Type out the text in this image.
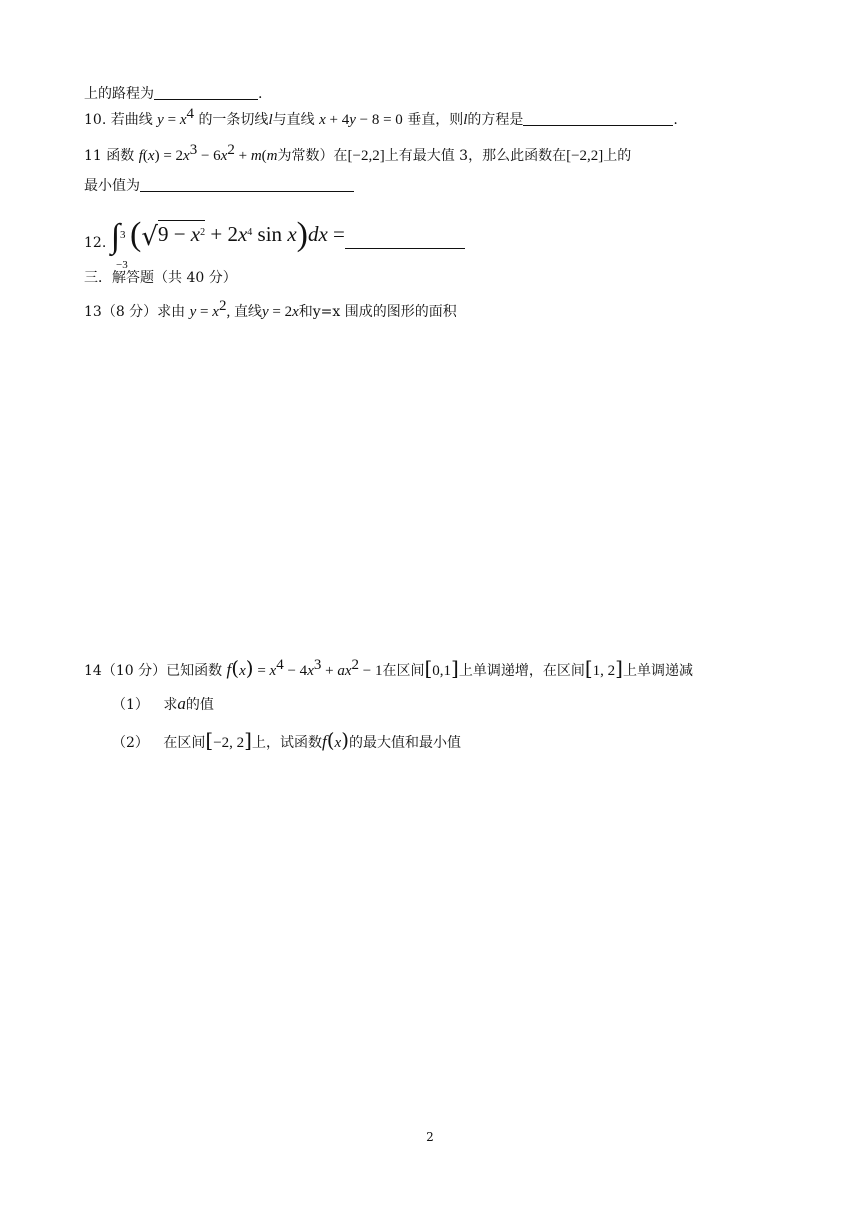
上的路程为	.
10. 若曲线 $y = x^4$ 的一条切线l与直线 x + 4y − 8 = 0 垂直，则l的方程是	.
11 函数 $f(x) = 2x^3 - 6x^2 + m(m$为常数）在[−2,2]上有最大值 3，那么此函数在[−2,2]上的
最小值为
12. ∫ 3
−3
($√9 - x^2 + 2x^4$ sin x)dx =
三．解答题（共 40 分）
13（8 分）求由 $y = x^2$, 直线y = 2x和y=x 围成的图形的面积
14（10 分）已知函数 $f(x) = x^4 - 4x^3 + ax^2 - 1$在区间[0,1]上单调递增，在区间[1, 2]上单调递减
（1） 求a的值
（2） 在区间[−2, 2]上，试函数f(x)的最大值和最小值
2
